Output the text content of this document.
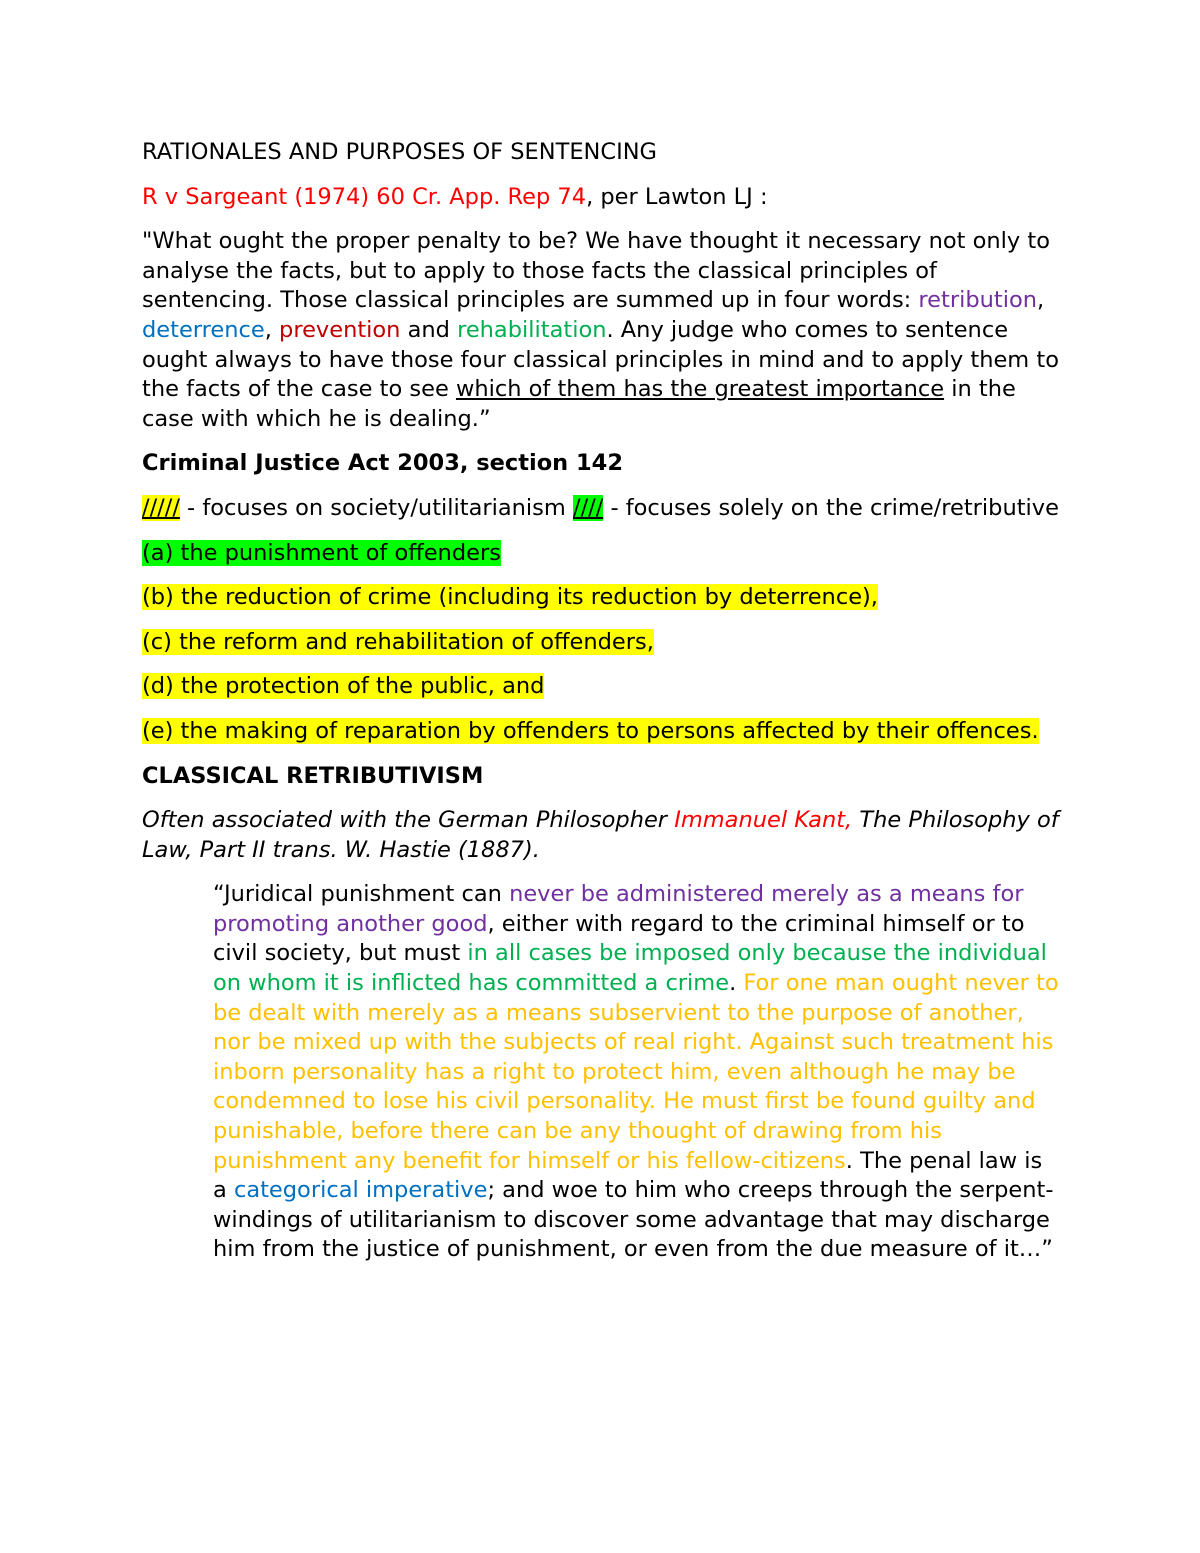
RATIONALES AND PURPOSES OF SENTENCING

R v Sargeant (1974) 60 Cr. App. Rep 74, per Lawton LJ :

"What ought the proper penalty to be? We have thought it necessary not only to analyse the facts, but to apply to those facts the classical principles of sentencing. Those classical principles are summed up in four words: retribution, deterrence, prevention and rehabilitation. Any judge who comes to sentence ought always to have those four classical principles in mind and to apply them to the facts of the case to see which of them has the greatest importance in the case with which he is dealing.”

Criminal Justice Act 2003, section 142

///// - focuses on society/utilitarianism //// - focuses solely on the crime/retributive

(a) the punishment of offenders

(b) the reduction of crime (including its reduction by deterrence),

(c) the reform and rehabilitation of offenders,

(d) the protection of the public, and

(e) the making of reparation by offenders to persons affected by their offences.

CLASSICAL RETRIBUTIVISM

Often associated with the German Philosopher Immanuel Kant, The Philosophy of Law, Part II trans. W. Hastie (1887).

“Juridical punishment can never be administered merely as a means for promoting another good, either with regard to the criminal himself or to civil society, but must in all cases be imposed only because the individual on whom it is inflicted has committed a crime. For one man ought never to be dealt with merely as a means subservient to the purpose of another, nor be mixed up with the subjects of real right. Against such treatment his inborn personality has a right to protect him, even although he may be condemned to lose his civil personality. He must first be found guilty and punishable, before there can be any thought of drawing from his punishment any benefit for himself or his fellow-citizens. The penal law is a categorical imperative; and woe to him who creeps through the serpent-windings of utilitarianism to discover some advantage that may discharge him from the justice of punishment, or even from the due measure of it…”
